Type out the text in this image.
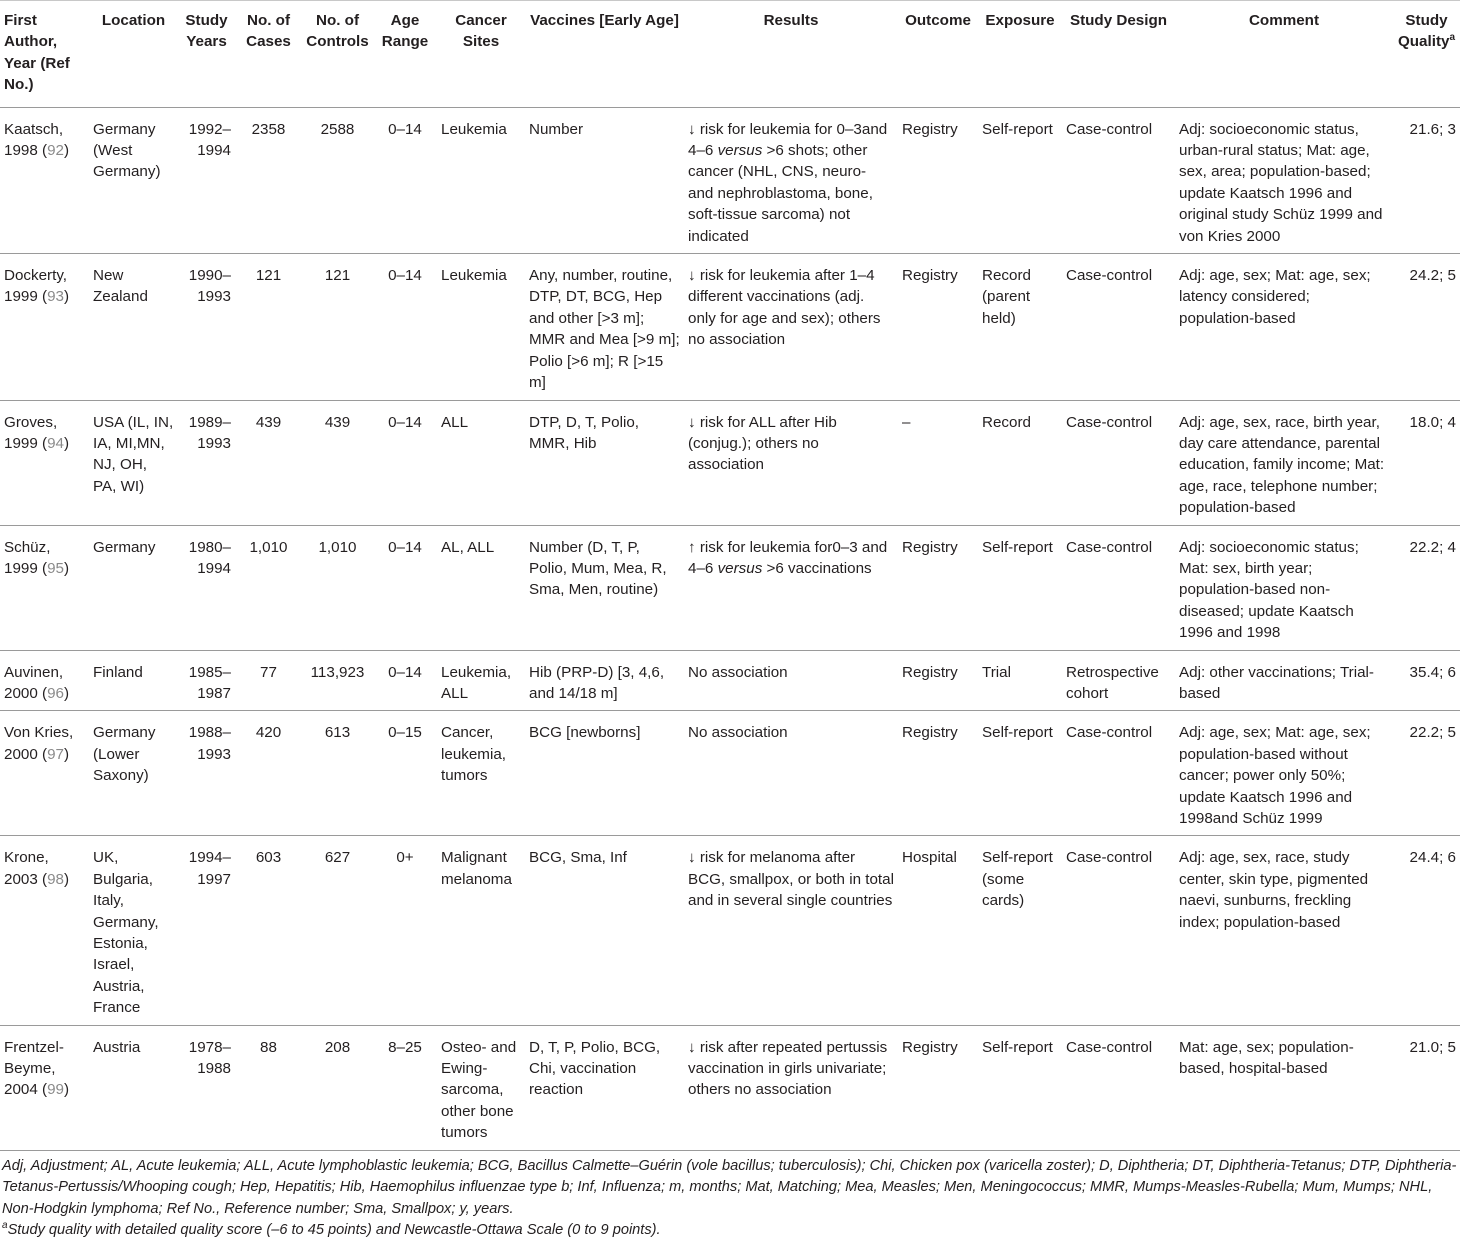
First Author, Year (Ref No.)	Location	Study Years	No. of Cases	No. of Controls	Age Range	Cancer Sites	Vaccines [Early Age]	Results	Outcome	Exposure	Study Design	Comment	Study Quality$^a$
Kaatsch, 1998 (92)	Germany (West Germany)	1992–1994	2358	2588	0–14	Leukemia	Number	↓ risk for leukemia for 0–3and 4–6 versus >6 shots; other cancer (NHL, CNS, neuro- and nephroblastoma, bone, soft-tissue sarcoma) not indicated	Registry	Self-report	Case-control	Adj: socioeconomic status, urban-rural status; Mat: age, sex, area; population-based; update Kaatsch 1996 and original study Schüz 1999 and von Kries 2000	21.6; 3
Dockerty, 1999 (93)	New Zealand	1990–1993	121	121	0–14	Leukemia	Any, number, routine, DTP, DT, BCG, Hep and other [>3 m]; MMR and Mea [>9 m]; Polio [>6 m]; R [>15 m]	↓ risk for leukemia after 1–4 different vaccinations (adj. only for age and sex); others no association	Registry	Record (parent held)	Case-control	Adj: age, sex; Mat: age, sex; latency considered; population-based	24.2; 5
Groves, 1999 (94)	USA (IL, IN, IA, MI,MN, NJ, OH, PA, WI)	1989–1993	439	439	0–14	ALL	DTP, D, T, Polio, MMR, Hib	↓ risk for ALL after Hib (conjug.); others no association	–	Record	Case-control	Adj: age, sex, race, birth year, day care attendance, parental education, family income; Mat: age, race, telephone number; population-based	18.0; 4
Schüz, 1999 (95)	Germany	1980–1994	1,010	1,010	0–14	AL, ALL	Number (D, T, P, Polio, Mum, Mea, R, Sma, Men, routine)	↑ risk for leukemia for0–3 and 4–6 versus >6 vaccinations	Registry	Self-report	Case-control	Adj: socioeconomic status; Mat: sex, birth year; population-based non-diseased; update Kaatsch 1996 and 1998	22.2; 4
Auvinen, 2000 (96)	Finland	1985–1987	77	113,923	0–14	Leukemia, ALL	Hib (PRP-D) [3, 4,6, and 14/18 m]	No association	Registry	Trial	Retrospective cohort	Adj: other vaccinations; Trial-based	35.4; 6
Von Kries, 2000 (97)	Germany (Lower Saxony)	1988–1993	420	613	0–15	Cancer, leukemia, tumors	BCG [newborns]	No association	Registry	Self-report	Case-control	Adj: age, sex; Mat: age, sex; population-based without cancer; power only 50%; update Kaatsch 1996 and 1998and Schüz 1999	22.2; 5
Krone, 2003 (98)	UK, Bulgaria, Italy, Germany, Estonia, Israel, Austria, France	1994–1997	603	627	0+	Malignant melanoma	BCG, Sma, Inf	↓ risk for melanoma after BCG, smallpox, or both in total and in several single countries	Hospital	Self-report (some cards)	Case-control	Adj: age, sex, race, study center, skin type, pigmented naevi, sunburns, freckling index; population-based	24.4; 6
Frentzel-Beyme, 2004 (99)	Austria	1978–1988	88	208	8–25	Osteo- and Ewing-sarcoma, other bone tumors	D, T, P, Polio, BCG, Chi, vaccination reaction	↓ risk after repeated pertussis vaccination in girls univariate; others no association	Registry	Self-report	Case-control	Mat: age, sex; population-based, hospital-based	21.0; 5

Adj, Adjustment; AL, Acute leukemia; ALL, Acute lymphoblastic leukemia; BCG, Bacillus Calmette–Guérin (vole bacillus; tuberculosis); Chi, Chicken pox (varicella zoster); D, Diphtheria; DT, Diphtheria-Tetanus; DTP, Diphtheria-Tetanus-Pertussis/Whooping cough; Hep, Hepatitis; Hib, Haemophilus influenzae type b; Inf, Influenza; m, months; Mat, Matching; Mea, Measles; Men, Meningococcus; MMR, Mumps-Measles-Rubella; Mum, Mumps; NHL, Non-Hodgkin lymphoma; Ref No., Reference number; Sma, Smallpox; y, years.

$^a$Study quality with detailed quality score (–6 to 45 points) and Newcastle-Ottawa Scale (0 to 9 points).
